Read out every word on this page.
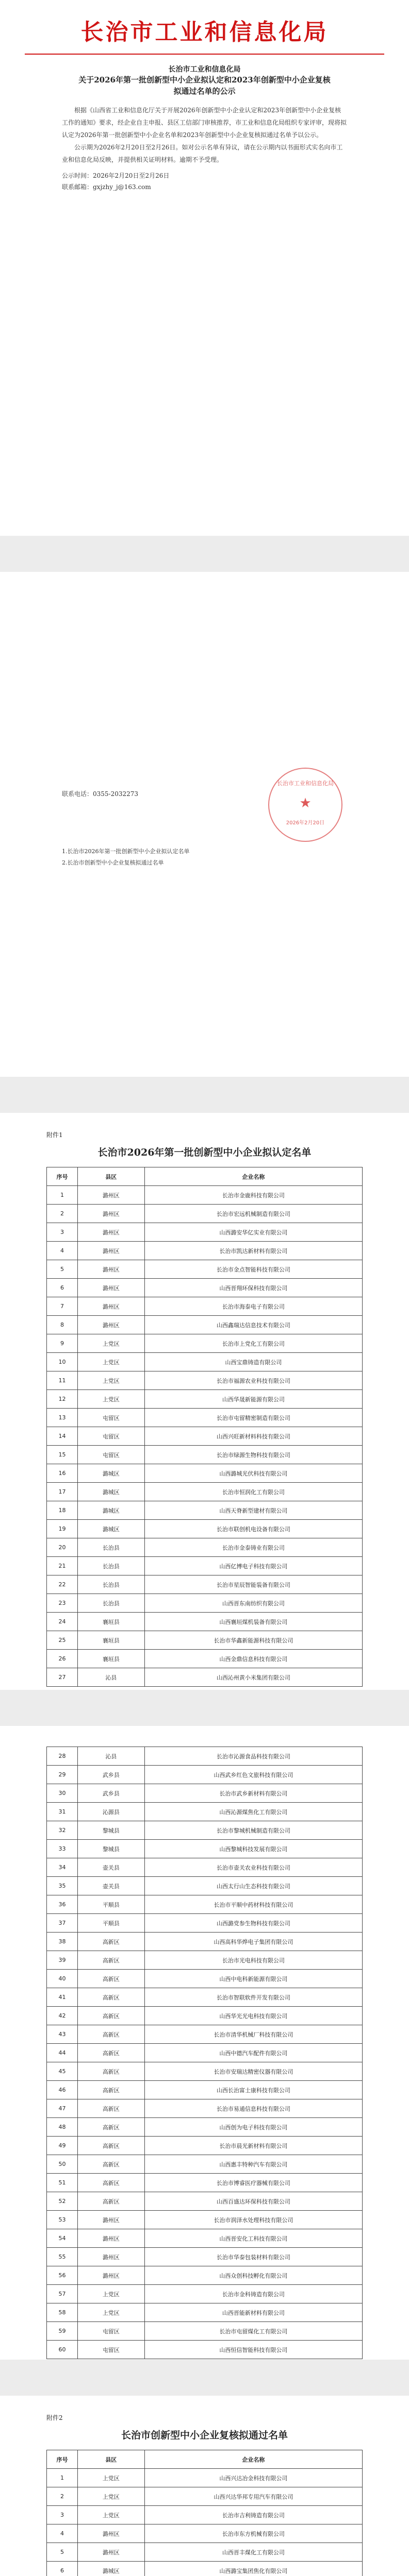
长治市工业和信息化局
长治市工业和信息化局
关于2026年第一批创新型中小企业拟认定和2023年创新型中小企业复核拟通过名单的公示
根据《山西省工业和信息化厅关于开展2026年创新型中小企业认定和2023年创新型中小企业复核工作的通知》要求，经企业自主申报、县区工信部门审核推荐，市工业和信息化局组织专家评审，现将拟认定为2026年第一批创新型中小企业名单和2023年创新型中小企业复核拟通过名单予以公示。
公示期为2026年2月20日至2月26日。如对公示名单有异议，请在公示期内以书面形式实名向市工业和信息化局反映，并提供相关证明材料。逾期不予受理。
公示时间：2026年2月20日至2月26日
联系邮箱：gxjzhy_j@163.com
联系电话：0355-2032273
长治市工业和信息化局
★
2026年2月20日
1.长治市2026年第一批创新型中小企业拟认定名单
2.长治市创新型中小企业复核拟通过名单
附件1
长治市2026年第一批创新型中小企业拟认定名单
序号	县区	企业名称
1	潞州区	长治市金鹿科技有限公司
2	潞州区	长治市宏远机械制造有限公司
3	潞州区	山西潞安华亿实业有限公司
4	潞州区	长治市凯达新材料有限公司
5	潞州区	长治市金点智能科技有限公司
6	潞州区	山西晋翔环保科技有限公司
7	潞州区	长治市海泰电子有限公司
8	潞州区	山西鑫瑞达信息技术有限公司
9	上党区	长治市上党化工有限公司
10	上党区	山西宝鼎铸造有限公司
11	上党区	长治市福源农业科技有限公司
12	上党区	山西华晟新能源有限公司
13	屯留区	长治市屯留精密制造有限公司
14	屯留区	山西兴旺新材料科技有限公司
15	屯留区	长治市绿源生物科技有限公司
16	潞城区	山西潞城光伏科技有限公司
17	潞城区	长治市恒润化工有限公司
18	潞城区	山西天脊新型建材有限公司
19	潞城区	长治市联创机电设备有限公司
20	长治县	长治市金泰铸业有限公司
21	长治县	山西亿博电子科技有限公司
22	长治县	长治市星辰智能装备有限公司
23	长治县	山西晋东南纺织有限公司
24	襄垣县	山西襄垣煤机装备有限公司
25	襄垣县	长治市华鑫新能源科技有限公司
26	襄垣县	山西金鼎信息科技有限公司
27	沁县	山西沁州黄小米集团有限公司
28	沁县	长治市沁源食品科技有限公司
29	武乡县	山西武乡红色文旅科技有限公司
30	武乡县	长治市武乡新材料有限公司
31	沁源县	山西沁源煤焦化工有限公司
32	黎城县	长治市黎城机械制造有限公司
33	黎城县	山西黎城科技发展有限公司
34	壶关县	长治市壶关农业科技有限公司
35	壶关县	山西太行山生态科技有限公司
36	平顺县	长治市平顺中药材科技有限公司
37	平顺县	山西潞党参生物科技有限公司
38	高新区	山西高科华烨电子集团有限公司
39	高新区	长治市光电科技有限公司
40	高新区	山西中电科新能源有限公司
41	高新区	长治市智联软件开发有限公司
42	高新区	山西华光光电科技有限公司
43	高新区	长治市清华机械厂科技有限公司
44	高新区	山西中德汽车配件有限公司
45	高新区	长治市安瑞达精密仪器有限公司
46	高新区	山西长治富士康科技有限公司
47	高新区	长治市易通信息科技有限公司
48	高新区	山西创为电子科技有限公司
49	高新区	长治市晨光新材料有限公司
50	高新区	山西惠丰特种汽车有限公司
51	高新区	长治市博睿医疗器械有限公司
52	高新区	山西百盛达环保科技有限公司
53	潞州区	长治市润泽水处理科技有限公司
54	潞州区	山西晋安化工科技有限公司
55	潞州区	长治市华泰包装材料有限公司
56	潞州区	山西众创科技孵化有限公司
57	上党区	长治市金科铸造有限公司
58	上党区	山西晋能新材料有限公司
59	屯留区	长治市屯留煤化工有限公司
60	屯留区	山西恒信智能科技有限公司
附件2
长治市创新型中小企业复核拟通过名单
序号	县区	企业名称
1	上党区	山西兴达冶金科技有限公司
2	上党区	山西兴达华邦专用汽车有限公司
3	上党区	长治市吉利铸造有限公司
4	潞州区	长治市东方机械有限公司
5	潞州区	山西晋丰煤化工有限公司
6	潞城区	山西潞宝集团焦化有限公司
